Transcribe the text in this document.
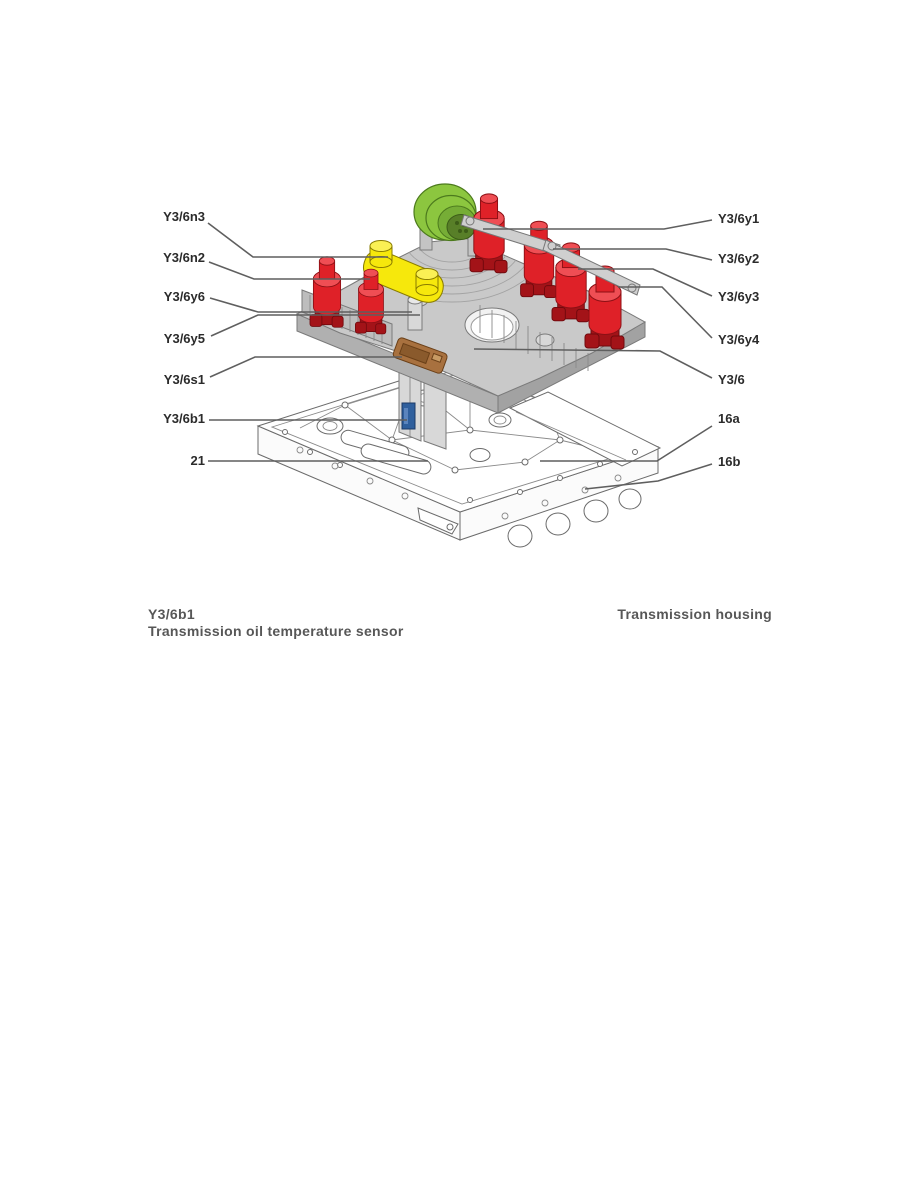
Y3/6n3
Y3/6n2
Y3/6y6
Y3/6y5
Y3/6s1
Y3/6b1
21
Y3/6y1
Y3/6y2
Y3/6y3
Y3/6y4
Y3/6
16a
16b
Y3/6b1
Transmission oil temperature sensor
Transmission housing
